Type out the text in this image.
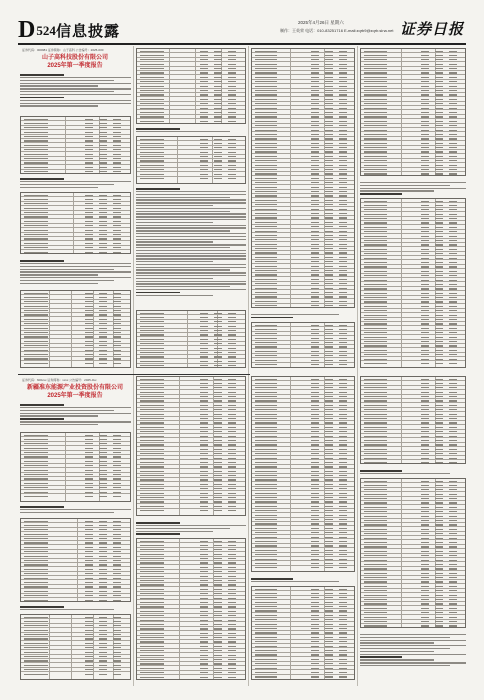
D524 信息披露
2025年4月26日 星期六
制作：王英荣 电话：010-83251716 E-mail:zqrb9@zqrb.sina.net 证券日报
证券代码：000981 证券简称：山子高科 公告编号：2025-030
山子高科技股份有限公司
2025年第一季度报告
证券代码：600xxx 证券简称：xxxx 公告编号：2025-0xx
新疆准东能源产业投资股份有限公司
2025年第一季度报告
